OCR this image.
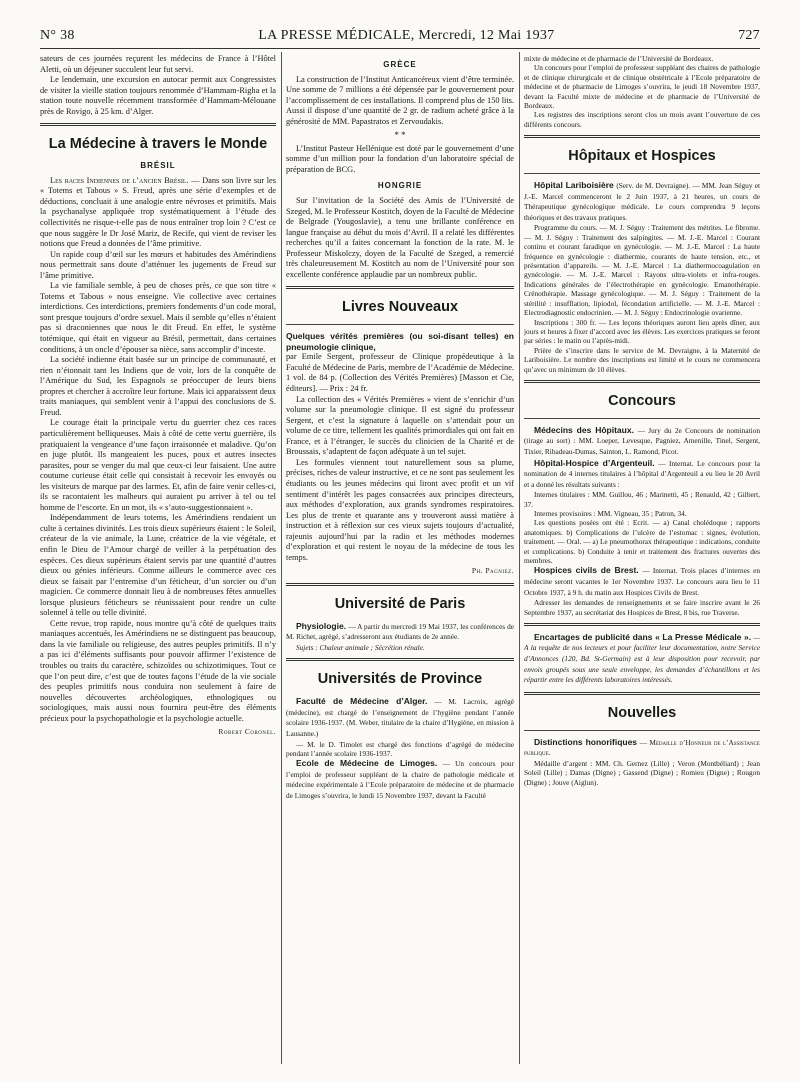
N° 38	LA PRESSE MÉDICALE, Mercredi, 12 Mai 1937	727

sateurs de ces journées reçurent les médecins de France à l’Hôtel Aletti, où un déjeuner succulent leur fut servi.

Le lendemain, une excursion en autocar permit aux Congressistes de visiter la vieille station toujours renommée d’Hammam-Righa et la station toute nouvelle récemment transformée d’Hammam-Mélouane près de Rovigo, à 25 km. d’Alger.

La Médecine à travers le Monde
BRÉSIL

Les races Indiennes de l’ancien Brésil. — Dans son livre sur les « Totems et Tabous » S. Freud, après une série d’exemples et de déductions, concluait à une analogie entre névroses et primitifs. Mais la psychanalyse appliquée trop systématiquement à l’étude des collectivités ne risque-t-elle pas de nous entraîner trop loin ? C’est ce que nous suggère le Dr José Mariz, de Recife, qui vient de reviser les notions que Freud a données de l’âme primitive.

Un rapide coup d’œil sur les mœurs et habitudes des Amérindiens nous permettrait sans doute d’atténuer les jugements de Freud sur l’âme primitive.

La vie familiale semble, à peu de choses près, ce que son titre « Totems et Tabous » nous enseigne. Vie collective avec certaines interdictions. Ces interdictions, premiers fondements d’un code moral, sont presque toujours d’ordre sexuel. Mais il semble qu’elles n’étaient pas si draconiennes que nous le dit Freud. En effet, le système totémique, qui était en vigueur au Brésil, permettait, dans certaines conditions, à un oncle d’épouser sa nièce, sans accomplir d’inceste.

La société indienne était basée sur un principe de communauté, et rien n’étonnait tant les Indiens que de voir, lors de la conquête de l’Amérique du Sud, les Espagnols se préoccuper de leurs biens propres et chercher à accroître leur fortune. Mais ici apparaissent deux traits maniaques, qui semblent venir à l’appui des conclusions de S. Freud.

Le courage était la principale vertu du guerrier chez ces races particulièrement belliqueuses. Mais à côté de cette vertu guerrière, ils pratiquaient la vengeance d’une façon irraisonnée et maladive. Qu’on en juge plutôt. Ils mangeaient les puces, poux et autres insectes parasites, pour se venger du mal que ceux-ci leur faisaient. Une autre coutume curieuse était celle qui consistait à recevoir les envoyés ou les visiteurs de marque par des larmes. Et, afin de faire venir celles-ci, ils se racontaient les malheurs qui auraient pu arriver à tel ou tel homme de l’escorte. En un mot, ils « s’auto-suggestionnaient ».

Indépendamment de leurs totems, les Amérindiens rendaient un culte à certaines divinités. Les trois dieux supérieurs étaient : le Soleil, créateur de la vie animale, la Lune, créatrice de la vie végétale, et enfin le Dieu de l’Amour chargé de veiller à la perpétuation des espèces. Ces dieux supérieurs étaient servis par une quantité d’autres dieux ou génies inférieurs. Comme ailleurs le commerce avec ces dieux se faisait par l’entremise d’un féticheur, d’un sorcier ou d’un magicien. Ce commerce donnait lieu à de nombreuses fêtes annuelles lorsque plusieurs féticheurs se réunissaient pour rendre un culte solennel à telle ou telle divinité.

Cette revue, trop rapide, nous montre qu’à côté de quelques traits maniaques accentués, les Amérindiens ne se distinguent pas beaucoup, dans la vie familiale ou religieuse, des autres peuples primitifs. Il n’y a pas ici d’éléments suffisants pour pouvoir affirmer l’existence de troubles ou traits du caractère, schizoïdes ou schizotimiques. Tout ce que l’on peut dire, c’est que de toutes façons l’étude de la vie sociale des peuples primitifs nous conduira non seulement à faire de nouvelles découvertes archéologiques, ethnologiques ou sociologiques, mais aussi nous fournira peut-être des éléments précieux pour la psychopathologie et la psychologie actuelle.

Robert Coronel.
GRÈCE

La construction de l’Institut Anticancéreux vient d’être terminée. Une somme de 7 millions a été dépensée par le gouvernement pour l’accomplissement de ces installations. Il comprend plus de 150 lits. Aussi il dispose d’une quantité de 2 gr. de radium acheté grâce à la générosité de MM. Papastratos et Zervoudakis.

* *

L’Institut Pasteur Hellénique est doté par le gouvernement d’une somme d’un million pour la fondation d’un laboratoire spécial de préparation de BCG.

HONGRIE

Sur l’invitation de la Société des Amis de l’Université de Szeged, M. le Professeur Kostitch, doyen de la Faculté de Médecine de Belgrade (Yougoslavie), a tenu une brillante conférence en langue française au début du mois d’Avril. Il a relaté les différentes recherches qu’il a faites concernant la fonction de la rate. M. le Professeur Miskolczy, doyen de la Faculté de Szeged, a remercié très chaleureusement M. Kostitch au nom de l’Université pour son excellente conférence applaudie par un nombreux public.

Livres Nouveaux

Quelques vérités premières (ou soi-disant telles) en pneumologie clinique,

par Emile Sergent, professeur de Clinique propédeutique à la Faculté de Médecine de Paris, membre de l’Académie de Médecine. 1 vol. de 84 p. (Collection des Vérités Premières) [Masson et Cie, éditeurs]. — Prix : 24 fr.

La collection des « Vérités Premières » vient de s’enrichir d’un volume sur la pneumologie clinique. Il est signé du professeur Sergent, et c’est la signature à laquelle on s’attendait pour un volume de ce titre, tellement les qualités primordiales qui ont fait en France, et à l’étranger, le succès du clinicien de la Charité et de Broussais, s’adaptent de façon adéquate à un tel sujet.

Les formules viennent tout naturellement sous sa plume, précises, riches de valeur instructive, et ce ne sont pas seulement les étudiants ou les jeunes médecins qui liront avec profit et un vif sentiment d’intérêt les pages consacrées aux principes directeurs, aux méthodes d’exploration, aux grands syndromes respiratoires. Les plus de trente et quarante ans y trouveront aussi matière à instruction et à réflexion sur ces vieux sujets toujours d’actualité, rajeunis aujourd’hui par la radio et les méthodes modernes d’exploration et qui restent le noyau de la médecine de tous les temps.

Ph. Pagniez.
Université de Paris

Physiologie. — A partir du mercredi 19 Mai 1937, les conférences de M. Richet, agrégé, s’adresseront aux étudiants de 2e année.

Sujets : Chaleur animale ; Sécrétion rénale.

Universités de Province

Faculté de Médecine d’Alger. — M. Lacroix, agrégé (médecine), est chargé de l’enseignement de l’hygiène pendant l’année scolaire 1936-1937. (M. Weber, titulaire de la chaire d’Hygiène, en mission à Lausanne.)

— M. le D. Timolet est chargé des fonctions d’agrégé de médecine pendant l’année scolaire 1936-1937.

Ecole de Médecine de Limoges. — Un concours pour l’emploi de professeur suppléant de la chaire de pathologie médicale et médecine expérimentale à l’Ecole préparatoire de médecine et de pharmacie de Limoges s’ouvrira, le lundi 15 Novembre 1937, devant la Faculté

mixte de médecine et de pharmacie de l’Université de Bordeaux.

Un concours pour l’emploi de professeur suppléant des chaires de pathologie et de clinique chirurgicale et de clinique obstétricale à l’Ecole préparatoire de médecine et de pharmacie de Limoges s’ouvrira, le jeudi 18 Novembre 1937, devant la Faculté mixte de médecine et de pharmacie de l’Université de Bordeaux.

Les registres des inscriptions seront clos un mois avant l’ouverture de ces différents concours.

Hôpitaux et Hospices

Hôpital Lariboisière (Serv. de M. Devraigne). — MM. Jean Séguy et J.-E. Marcel commenceront le 2 Juin 1937, à 21 heures, un cours de Thérapeutique gynécologique médicale. Le cours comprendra 9 leçons théoriques et des travaux pratiques.

Programme du cours. — M. J. Séguy : Traitement des métrites. Le fibrome. — M. J. Séguy : Traitement des salpingites. — M. J.-E. Marcel : Courant continu et courant faradique en gynécologie. — M. J.-E. Marcel : La haute fréquence en gynécologie : diathermie, courants de haute tension, etc., et présentation d’appareils. — M. J.-E. Marcel : La diathermocoagulation en gynécologie. — M. J.-E. Marcel : Rayons ultra-violets et infra-rouges. Indications générales de l’électrothérapie en gynécologie. Emanothérapie. Crénothérapie. Massage gynécologique. — M. J. Séguy : Traitement de la stérilité : insufflation, lipiodol, fécondation artificielle. — M. J.-E. Marcel : Electrodiagnostic endocrinien. — M. J. Séguy : Endocrinologie ovarienne.

Inscriptions : 300 fr. — Les leçons théoriques auront lieu après dîner, aux jours et heures à fixer d’accord avec les élèves. Les exercices pratiques se feront par séries : le matin ou l’après-midi.

Prière de s’inscrire dans le service de M. Devraigne, à la Maternité de Lariboisière. Le nombre des inscriptions est limité et le cours ne commencera qu’avec un minimum de 10 élèves.

Concours

Médecins des Hôpitaux. — Jury du 2e Concours de nomination (tirage au sort) : MM. Loeper, Levesque, Pagniez, Amenille, Tinel, Sergent, Tixier, Ribadeau-Dumas, Sainton, L. Ramond, Picot.

Hôpital-Hospice d’Argenteuil. — Internat. Le concours pour la nomination de 4 internes titulaires à l’hôpital d’Argenteuil a eu lieu le 20 Avril et a donné les résultats suivants :

Internes titulaires : MM. Guillou, 46 ; Marinetti, 45 ; Renauld, 42 ; Gilbert, 37.

Internes provisoires : MM. Vigneau, 35 ; Patron, 34.

Les questions posées ont été : Ecrit. — a) Canal cholédoque ; rapports anatomiques. b) Complications de l’ulcère de l’estomac : signes, évolution, traitement. — Oral. — a) Le pneumothorax thérapeutique : indications, conduite et complications. b) Conduite à tenir et traitement des fractures ouvertes des membres.

Hospices civils de Brest. — Internat. Trois places d’internes en médecine seront vacantes le 1er Novembre 1937. Le concours aura lieu le 11 Octobre 1937, à 9 h. du matin aux Hospices Civils de Brest.

Adresser les demandes de renseignements et se faire inscrire avant le 26 Septembre 1937, au secrétariat des Hospices de Brest, 8 bis, rue Traverse.

Encartages de publicité dans « La Presse Médicale ». — A la requête de nos lecteurs et pour faciliter leur documentation, notre Service d’Annonces (120, Bd. St-Germain) est à leur disposition pour recevoir, par envois groupés sous une seule enveloppe, les demandes d’échantillons et les répartir entre les différents laboratoires intéressés.

Nouvelles

Distinctions honorifiques — Médaille d’Honneur de l’Assistance publique.

Médaille d’argent : MM. Ch. Gernez (Lille) ; Veron (Montbéliard) ; Jean Soleil (Lille) ; Damas (Digne) ; Gassend (Digne) ; Romieu (Digne) ; Rougon (Digne) ; Jouve (Aiglun).
